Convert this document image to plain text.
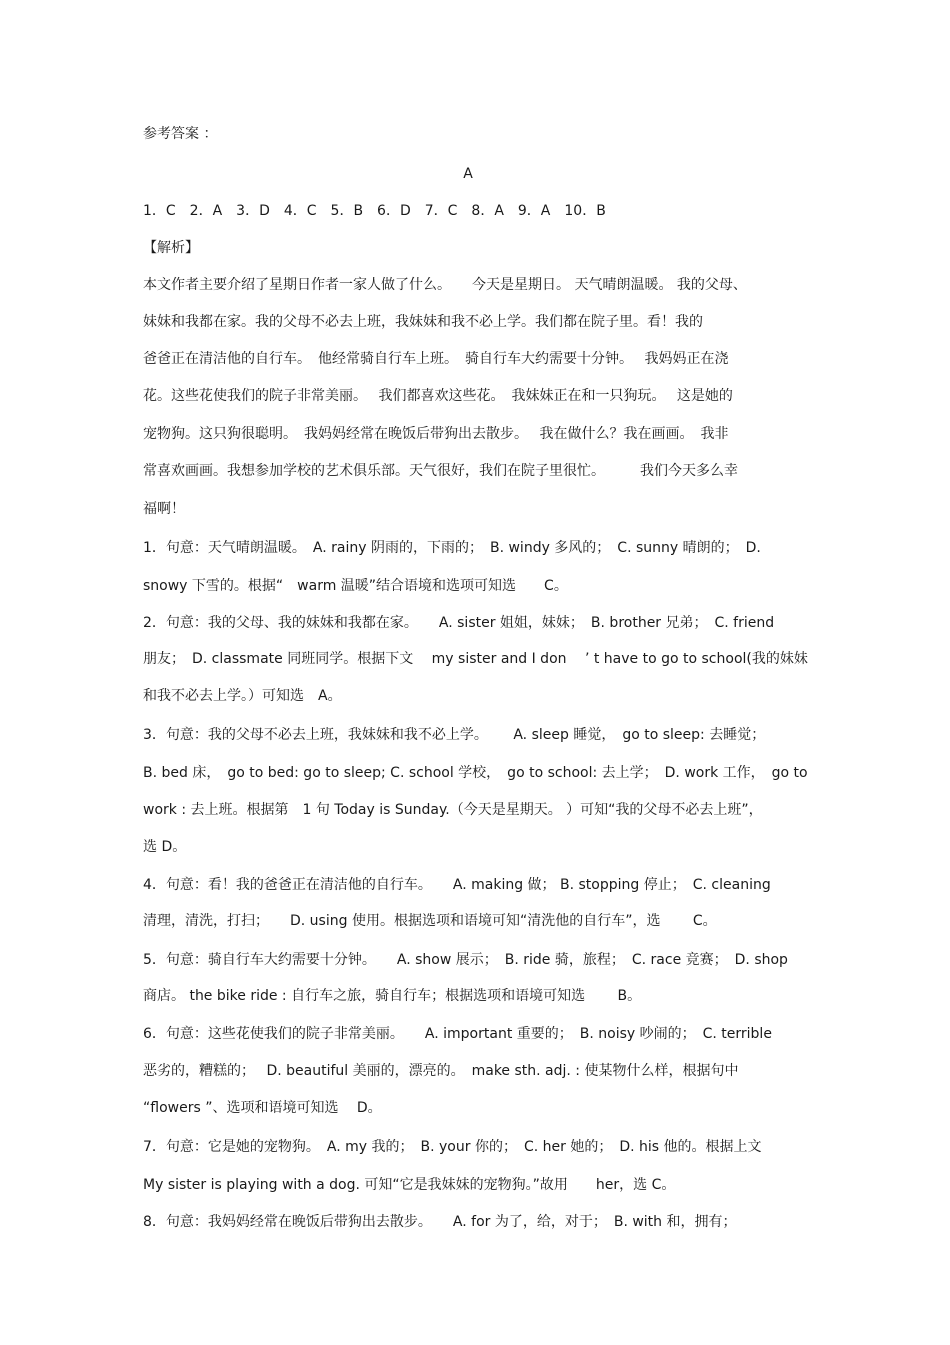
参考答案 ：
A
1．C　2．A　3．D　4．C　5．B　6．D　7．C　8．A　9．A　10．B
【解析】
本文作者主要介绍了星期日作者一家人做了什么。　　今天是星期日。 天气晴朗温暖。 我的父母、
妹妹和我都在家。我的父母不必去上班，我妹妹和我不必上学。我们都在院子里。看！我的
爸爸正在清洁他的自行车。　他经常骑自行车上班。　骑自行车大约需要十分钟。　 我妈妈正在浇
花。这些花使我们的院子非常美丽。　 我们都喜欢这些花。　我妹妹正在和一只狗玩。　 这是她的
宠物狗。这只狗很聪明。　我妈妈经常在晚饭后带狗出去散步。　 我在做什么？我在画画。　我非
常喜欢画画。我想参加学校的艺术俱乐部。天气很好，我们在院子里很忙。　　　我们今天多么幸
福啊！
1．句意：天气晴朗温暖。　A. rainy 阴雨的，下雨的；　B. windy 多风的；　C. sunny 晴朗的；　D.
snowy 下雪的。根据“　warm 温暖”结合语境和选项可知选　　C。
2．句意：我的父母、我的妹妹和我都在家。　　A. sister 姐姐，妹妹；　B. brother 兄弟；　C. friend
朋友；　D. classmate 同班同学。根据下文　 my sister and I don　 ’ t have to go to school(我的妹妹
和我不必去上学。）可知选　A。
3．句意：我的父母不必去上班，我妹妹和我不必上学。　　 A. sleep 睡觉，　go to sleep: 去睡觉；
B. bed 床，　go to bed: go to sleep; C. school 学校，　go to school: 去上学；　D. work 工作，　go to
work : 去上班。根据第　1 句 Today is Sunday.（今天是星期天。 ）可知“我的父母不必去上班”，
选 D。
4．句意：看！我的爸爸正在清洁他的自行车。　　A. making 做； B. stopping 停止；　C. cleaning
清理，清洗，打扫；　　D. using 使用。根据选项和语境可知“清洗他的自行车”，选　　 C。
5．句意：骑自行车大约需要十分钟。　　A. show 展示；　B. ride 骑，旅程；　C. race 竞赛；　D. shop
商店。 the bike ride : 自行车之旅，骑自行车；根据选项和语境可知选　　 B。
6．句意：这些花使我们的院子非常美丽。　　A. important 重要的；　B. noisy 吵闹的；　C. terrible
恶劣的，糟糕的；　 D. beautiful 美丽的，漂亮的。　make sth. adj. : 使某物什么样，根据句中
“flowers ”、选项和语境可知选　 D。
7．句意：它是她的宠物狗。　A. my 我的；　B. your 你的；　C. her 她的；　D. his 他的。根据上文
My sister is playing with a dog. 可知“它是我妹妹的宠物狗。”故用　　her，选 C。
8．句意：我妈妈经常在晚饭后带狗出去散步。　　A. for 为了，给，对于；　B. with 和，拥有；
